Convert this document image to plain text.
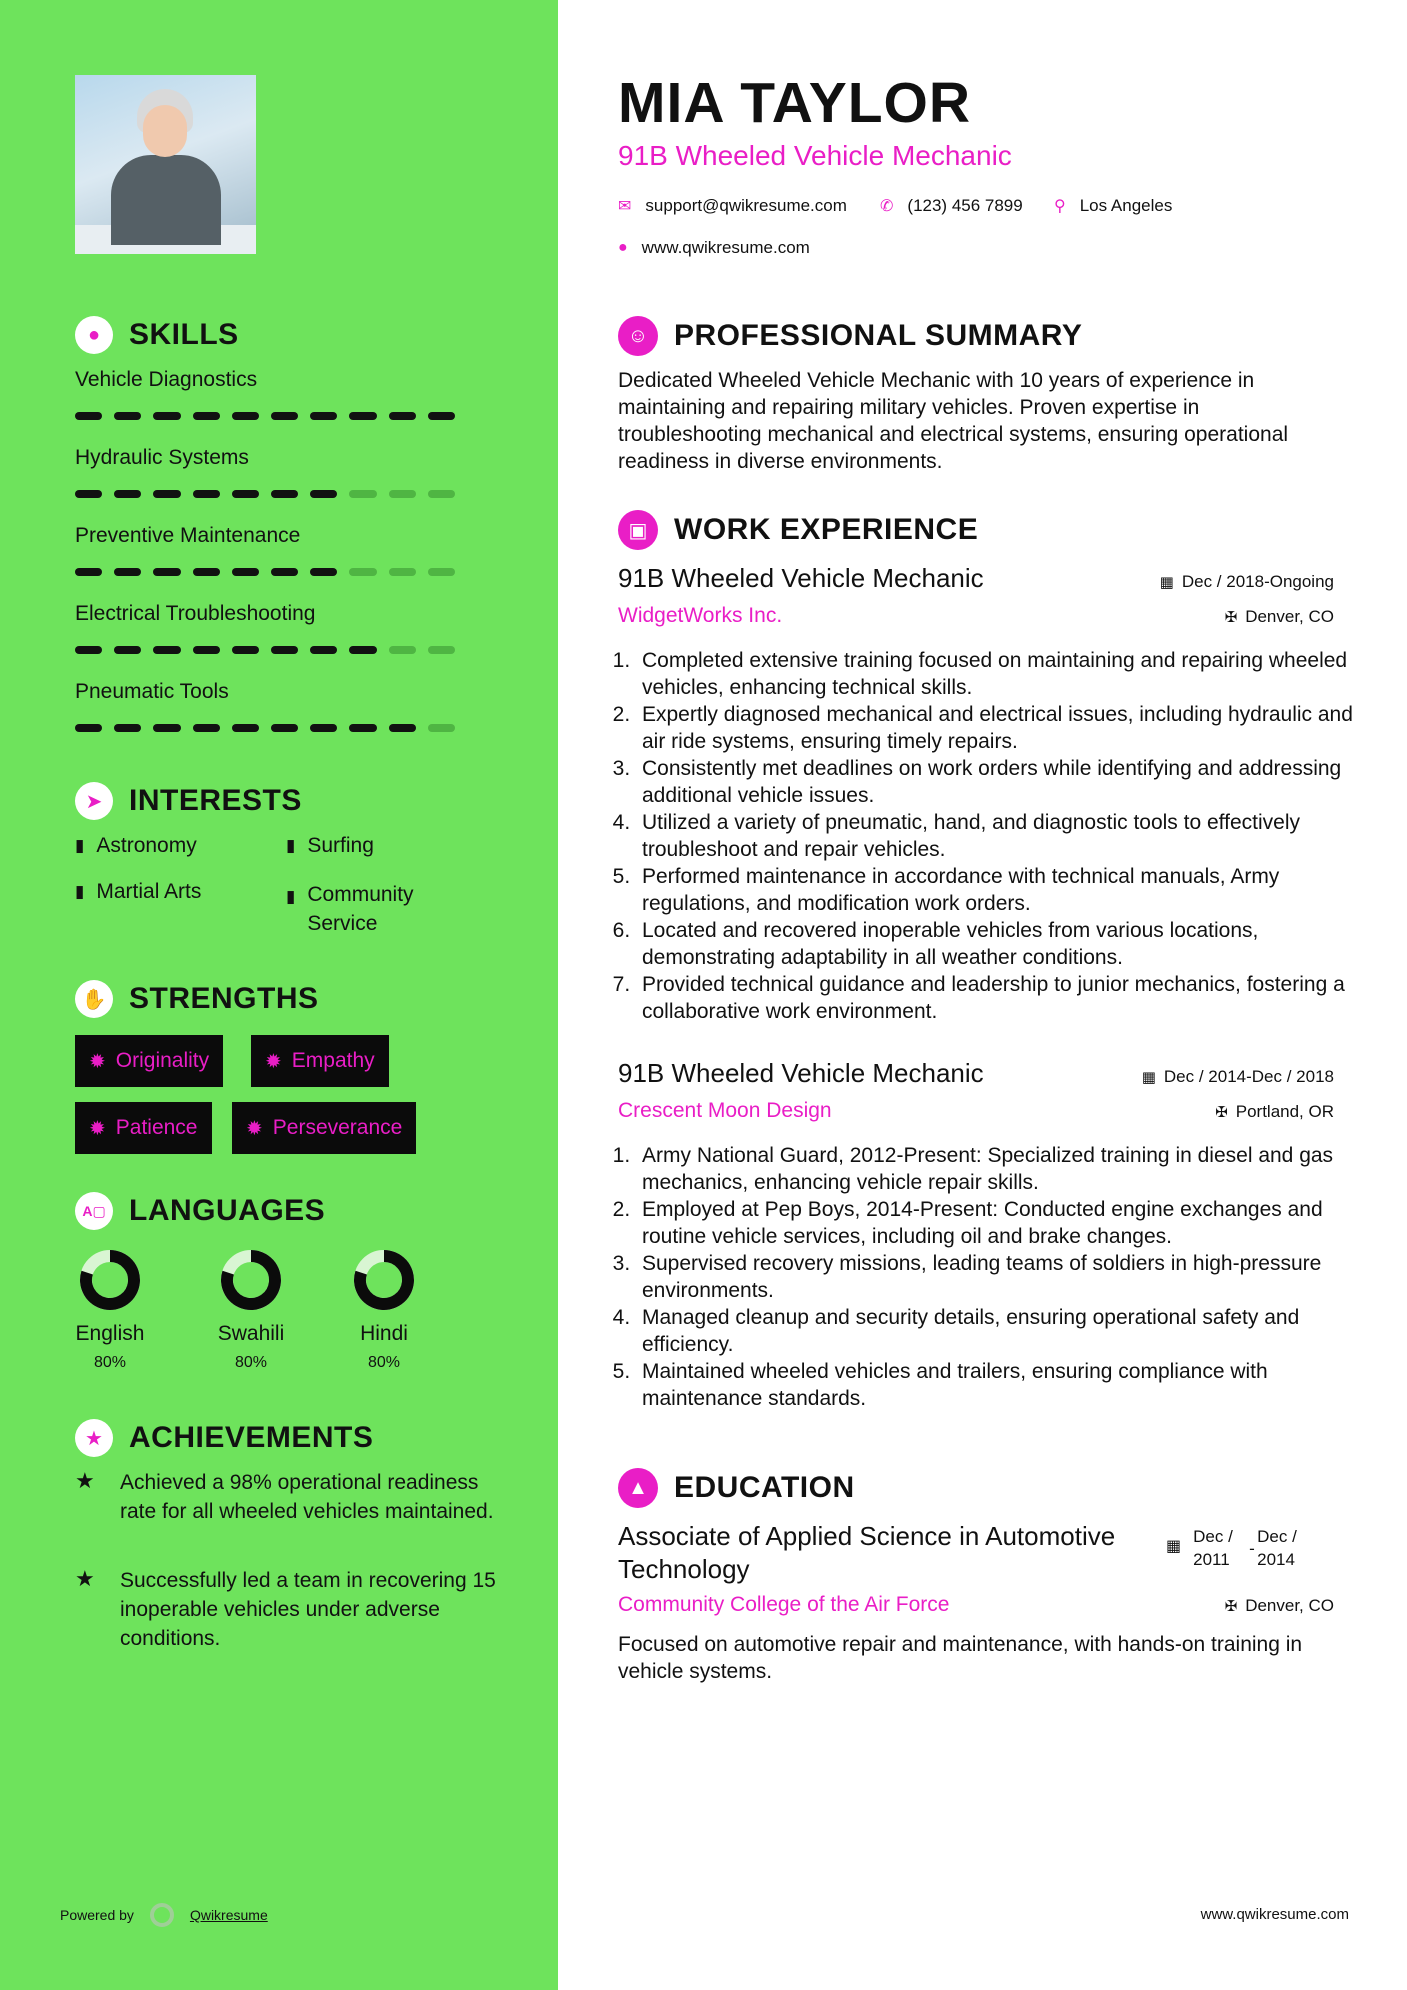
● SKILLS
Vehicle Diagnostics
Hydraulic Systems
Preventive Maintenance
Electrical Troubleshooting
Pneumatic Tools
➤ INTERESTS
▮ Astronomy	▮ Surfing
▮ Martial Arts	▮ Community Service
✋ STRENGTHS
✹ Originality	✹ Empathy
✹ Patience ✹ Perseverance
A▢ LANGUAGES
English
80%
Swahili
80%
Hindi
80%
★ ACHIEVEMENTS
★	Achieved a 98% operational readiness rate for all wheeled vehicles maintained.
★	Successfully led a team in recovering 15 inoperable vehicles under adverse conditions.
Powered by	Qwikresume
MIA TAYLOR
91B Wheeled Vehicle Mechanic
✉ support@qwikresume.com ✆ (123) 456 7899 ⚲ Los Angeles
● www.qwikresume.com
☺ PROFESSIONAL SUMMARY
Dedicated Wheeled Vehicle Mechanic with 10 years of experience in maintaining and repairing military vehicles. Proven expertise in troubleshooting mechanical and electrical systems, ensuring operational readiness in diverse environments.
▣ WORK EXPERIENCE
91B Wheeled Vehicle Mechanic	▦ Dec / 2018-Ongoing
WidgetWorks Inc.	✠ Denver, CO
1. Completed extensive training focused on maintaining and repairing wheeled vehicles, enhancing technical skills.
2. Expertly diagnosed mechanical and electrical issues, including hydraulic and air ride systems, ensuring timely repairs.
3. Consistently met deadlines on work orders while identifying and addressing additional vehicle issues.
4. Utilized a variety of pneumatic, hand, and diagnostic tools to effectively troubleshoot and repair vehicles.
5. Performed maintenance in accordance with technical manuals, Army regulations, and modification work orders.
6. Located and recovered inoperable vehicles from various locations, demonstrating adaptability in all weather conditions.
7. Provided technical guidance and leadership to junior mechanics, fostering a collaborative work environment.
91B Wheeled Vehicle Mechanic	▦ Dec / 2014-Dec / 2018
Crescent Moon Design	✠ Portland, OR
1. Army National Guard, 2012-Present: Specialized training in diesel and gas mechanics, enhancing vehicle repair skills.
2. Employed at Pep Boys, 2014-Present: Conducted engine exchanges and routine vehicle services, including oil and brake changes.
3. Supervised recovery missions, leading teams of soldiers in high-pressure environments.
4. Managed cleanup and security details, ensuring operational safety and efficiency.
5. Maintained wheeled vehicles and trailers, ensuring compliance with maintenance standards.
▲ EDUCATION
Associate of Applied Science in Automotive Technology
▦
Dec /
2011
-
Dec /
2014
Community College of the Air Force	✠ Denver, CO
Focused on automotive repair and maintenance, with hands-on training in vehicle systems.
www.qwikresume.com
